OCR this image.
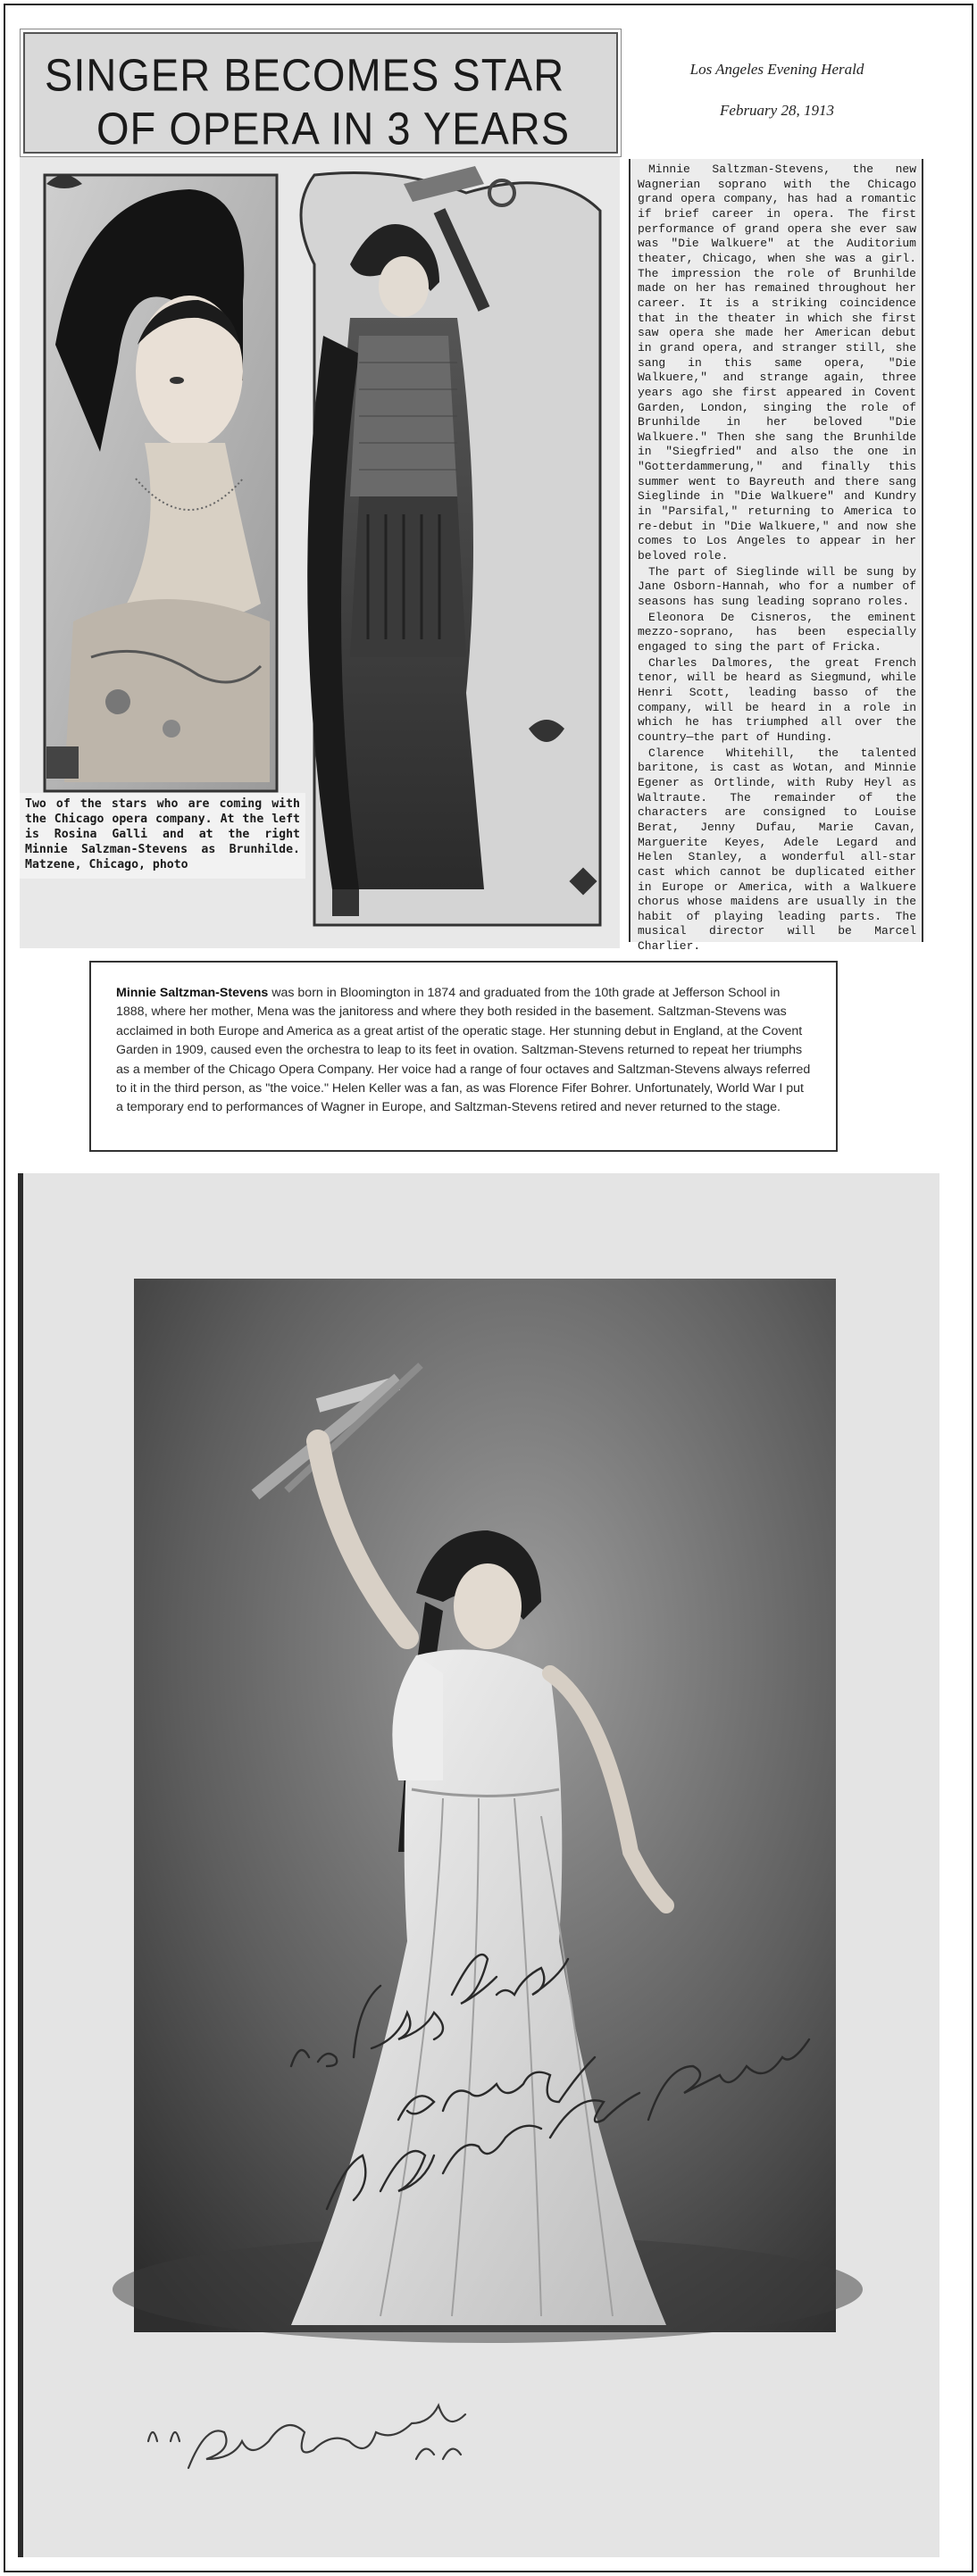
SINGER BECOMES STAR
OF OPERA IN 3 YEARS
Los Angeles Evening Herald
February 28, 1913
Two of the stars who are coming with the Chicago opera company. At the left is Rosina Galli and at the right Minnie Salzman-Stevens as Brunhilde. Matzene, Chicago, photo

Minnie Saltzman-Stevens, the new Wagnerian soprano with the Chicago grand opera company, has had a romantic if brief career in opera. The first performance of grand opera she ever saw was "Die Walkuere" at the Auditorium theater, Chicago, when she was a girl. The impression the role of Brunhilde made on her has remained throughout her career. It is a striking coincidence that in the theater in which she first saw opera she made her American debut in grand opera, and stranger still, she sang in this same opera, "Die Walkuere," and strange again, three years ago she first appeared in Covent Garden, London, singing the role of Brunhilde in her beloved "Die Walkuere." Then she sang the Brunhilde in "Siegfried" and also the one in "Gotterdammerung," and finally this summer went to Bayreuth and there sang Sieglinde in "Die Walkuere" and Kundry in "Parsifal," returning to America to re-debut in "Die Walkuere," and now she comes to Los Angeles to appear in her beloved role.

The part of Sieglinde will be sung by Jane Osborn-Hannah, who for a number of seasons has sung leading soprano roles.

Eleonora De Cisneros, the eminent mezzo-soprano, has been especially engaged to sing the part of Fricka.

Charles Dalmores, the great French tenor, will be heard as Siegmund, while Henri Scott, leading basso of the company, will be heard in a role in which he has triumphed all over the country—the part of Hunding.

Clarence Whitehill, the talented baritone, is cast as Wotan, and Minnie Egener as Ortlinde, with Ruby Heyl as Waltraute. The remainder of the characters are consigned to Louise Berat, Jenny Dufau, Marie Cavan, Marguerite Keyes, Adele Legard and Helen Stanley, a wonderful all-star cast which cannot be duplicated either in Europe or America, with a Walkuere chorus whose maidens are usually in the habit of playing leading parts. The musical director will be Marcel Charlier.

Minnie Saltzman-Stevens was born in Bloomington in 1874 and graduated from the 10th grade at Jefferson School in 1888, where her mother, Mena was the janitoress and where they both resided in the basement. Saltzman-Stevens was acclaimed in both Europe and America as a great artist of the operatic stage. Her stunning debut in England, at the Covent Garden in 1909, caused even the orchestra to leap to its feet in ovation. Saltzman-Stevens returned to repeat her triumphs as a member of the Chicago Opera Company. Her voice had a range of four octaves and Saltzman-Stevens always referred to it in the third person, as "the voice." Helen Keller was a fan, as was Florence Fifer Bohrer. Unfortunately, World War I put a temporary end to performances of Wagner in Europe, and Saltzman-Stevens retired and never returned to the stage.
